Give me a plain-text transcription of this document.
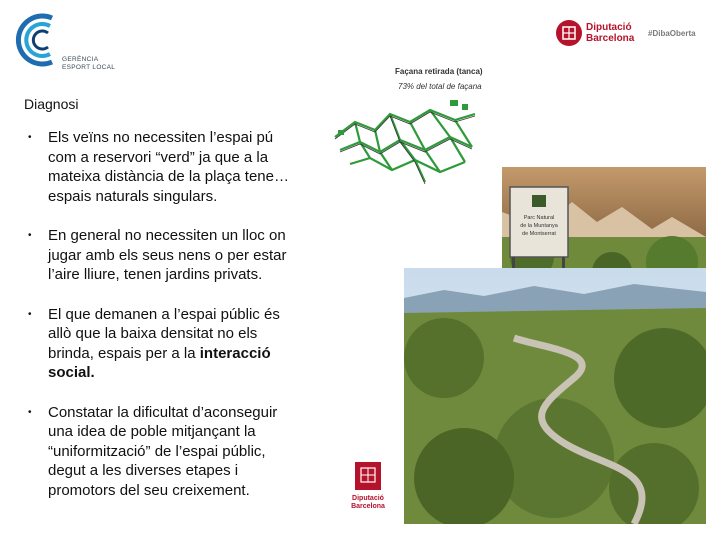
GERÈNCIA
ESPORT LOCAL
Diputació
Barcelona #DibaOberta
Façana retirada (tanca)
73% del total de façana
Diagnosi
• Els veïns no necessiten l’espai pú
com a reservori “verd” ja que a la
mateixa distància de la plaça tene…
espais naturals singulars.
• En general no necessiten un lloc on
jugar amb els seus nens o per estar
l’aire lliure, tenen jardins privats.
• El que demanen a l’espai públic és
allò que la baixa densitat no els
brinda, espais per a la interacció
social.
• Constatar la dificultat d’aconseguir
una idea de poble mitjançant la
“uniformització” de l’espai públic,
degut a les diverses etapes i
promotors del seu creixement.
Parc Natural
de la Muntanya
de Montserrat
Diputació
Barcelona
